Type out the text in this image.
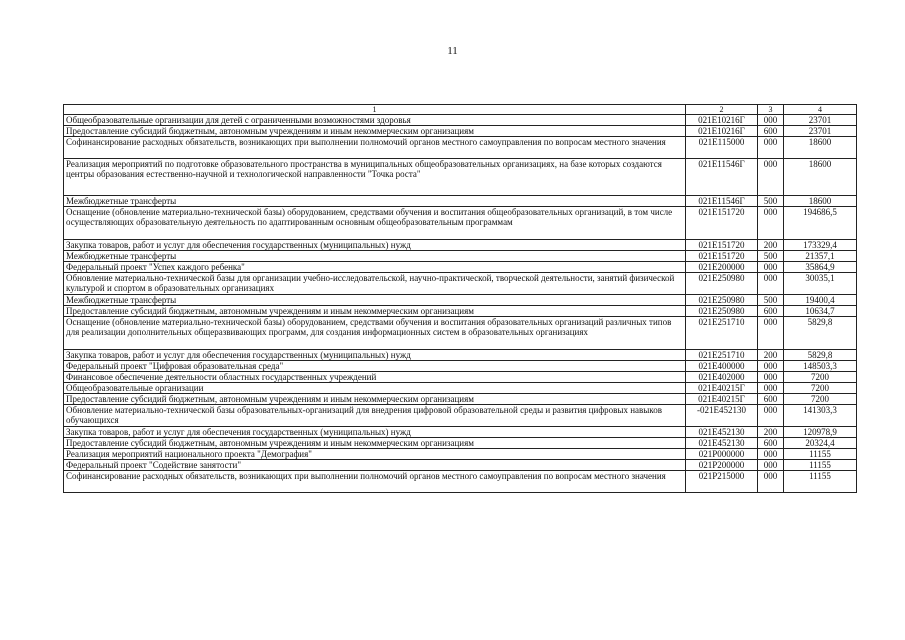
11
1	2	3	4
Общеобразовательные организации для детей с ограниченными возможностями здоровья	021E10216Г	000	23701
Предоставление субсидий бюджетным, автономным учреждениям и иным некоммерческим организациям	021E10216Г	600	23701
Софинансирование расходных обязательств, возникающих при выполнении полномочий органов местного самоуправления по вопросам местного значения	021E115000	000	18600
Реализация мероприятий по подготовке образовательного пространства в муниципальных общеобразовательных организациях, на базе которых создаются центры образования естественно-научной и технологической направленности "Точка роста"	021E11546Г	000	18600
Межбюджетные трансферты	021E11546Г	500	18600
Оснащение (обновление материально-технической базы) оборудованием, средствами обучения и воспитания общеобразовательных организаций, в том числе осуществляющих образовательную деятельность по адаптированным основным общеобразовательным программам	021E151720	000	194686,5
Закупка товаров, работ и услуг для обеспечения государственных (муниципальных) нужд	021E151720	200	173329,4
Межбюджетные трансферты	021E151720	500	21357,1
Федеральный проект "Успех каждого ребенка"	021E200000	000	35864,9
Обновление материально-технической базы для организации учебно-исследовательской, научно-практической, творческой деятельности, занятий физической культурой и спортом в образовательных организациях	021E250980	000	30035,1
Межбюджетные трансферты	021E250980	500	19400,4
Предоставление субсидий бюджетным, автономным учреждениям и иным некоммерческим организациям	021E250980	600	10634,7
Оснащение (обновление материально-технической базы) оборудованием, средствами обучения и воспитания образовательных организаций различных типов для реализации дополнительных общеразвивающих программ, для создания информационных систем в образовательных организациях	021E251710	000	5829,8
Закупка товаров, работ и услуг для обеспечения государственных (муниципальных) нужд	021E251710	200	5829,8
Федеральный проект "Цифровая образовательная среда"	021E400000	000	148503,3
Финансовое обеспечение деятельности областных государственных учреждений	021E402000	000	7200
Общеобразовательные организации	021E40215Г	000	7200
Предоставление субсидий бюджетным, автономным учреждениям и иным некоммерческим организациям	021E40215Г	600	7200
Обновление материально-технической базы образовательных-организаций для внедрения цифровой образовательной среды и развития цифровых навыков обучающихся	-021E452130	000	141303,3
Закупка товаров, работ и услуг для обеспечения государственных (муниципальных) нужд	021E452130	200	120978,9
Предоставление субсидий бюджетным, автономным учреждениям и иным некоммерческим организациям	021E452130	600	20324,4
Реализация мероприятий национального проекта "Демография"	021P000000	000	11155
Федеральный проект "Содействие занятости"	021P200000	000	11155
Софинансирование расходных обязательств, возникающих при выполнении полномочий органов местного самоуправления по вопросам местного значения	021P215000	000	11155
